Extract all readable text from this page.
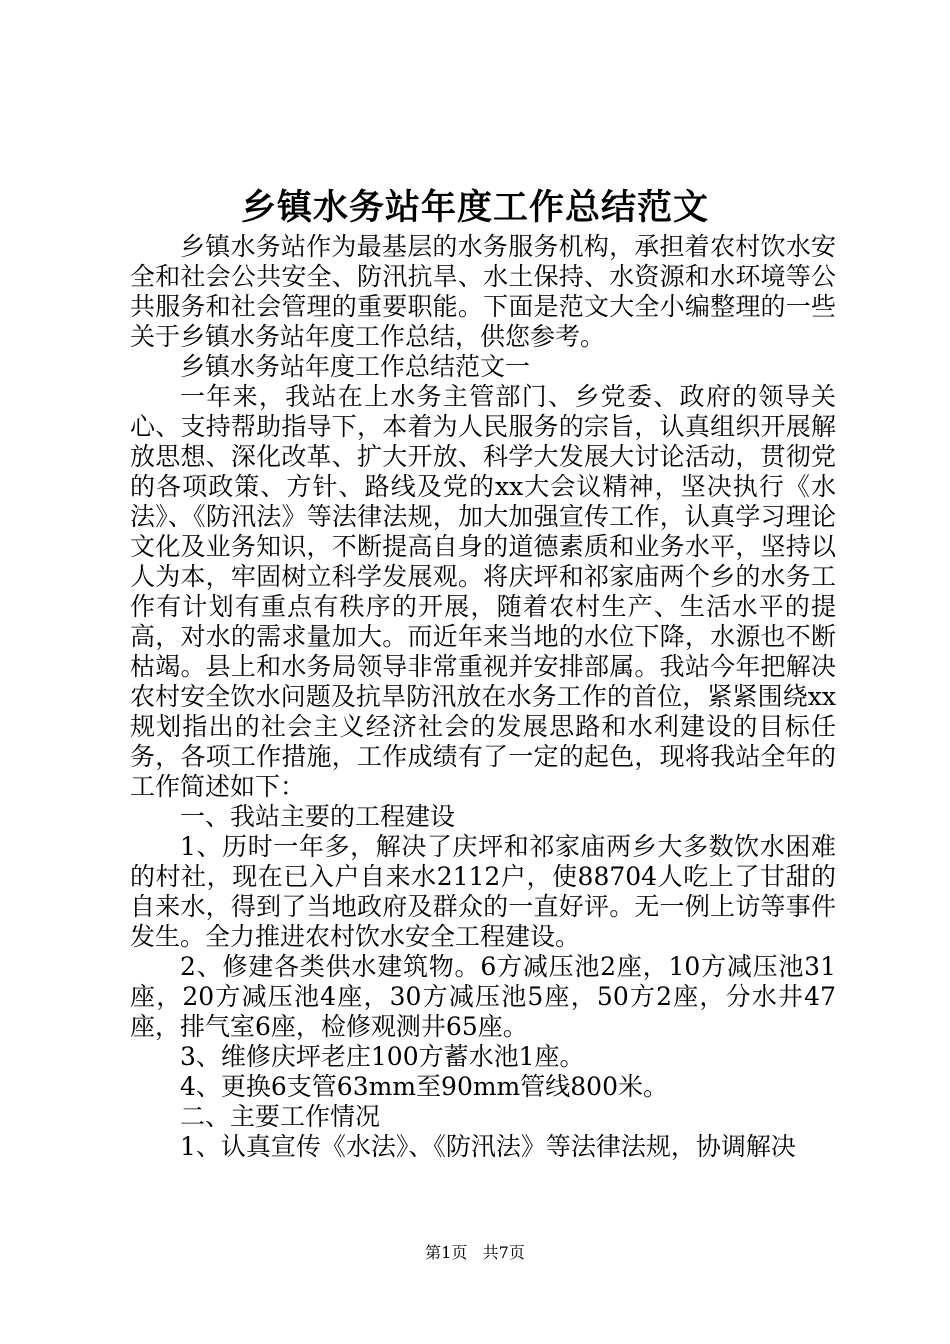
乡镇水务站年度工作总结范文

乡镇水务站作为最基层的水务服务机构，承担着农村饮水安全和社会公共安全、防汛抗旱、水土保持、水资源和水环境等公共服务和社会管理的重要职能。下面是范文大全小编整理的一些关于乡镇水务站年度工作总结，供您参考。

乡镇水务站年度工作总结范文一

一年来，我站在上水务主管部门、乡党委、政府的领导关心、支持帮助指导下，本着为人民服务的宗旨，认真组织开展解放思想、深化改革、扩大开放、科学大发展大讨论活动，贯彻党的各项政策、方针、路线及党的xx大会议精神，坚决执行《水法》、《防汛法》等法律法规，加大加强宣传工作，认真学习理论文化及业务知识，不断提高自身的道德素质和业务水平，坚持以人为本，牢固树立科学发展观。将庆坪和祁家庙两个乡的水务工作有计划有重点有秩序的开展，随着农村生产、生活水平的提高，对水的需求量加大。而近年来当地的水位下降，水源也不断枯竭。县上和水务局领导非常重视并安排部属。我站今年把解决农村安全饮水问题及抗旱防汛放在水务工作的首位，紧紧围绕xx规划指出的社会主义经济社会的发展思路和水利建设的目标任务，各项工作措施，工作成绩有了一定的起色，现将我站全年的工作简述如下：

一、我站主要的工程建设

1、历时一年多，解决了庆坪和祁家庙两乡大多数饮水困难的村社，现在已入户自来水2112户，使88704人吃上了甘甜的自来水，得到了当地政府及群众的一直好评。无一例上访等事件发生。全力推进农村饮水安全工程建设。

2、修建各类供水建筑物。6方减压池2座，10方减压池31座，20方减压池4座，30方减压池5座，50方2座，分水井47座，排气室6座，检修观测井65座。

3、维修庆坪老庄100方蓄水池1座。

4、更换6支管63mm至90mm管线800米。

二、主要工作情况

1、认真宣传《水法》、《防汛法》等法律法规，协调解决

第1页 共7页
